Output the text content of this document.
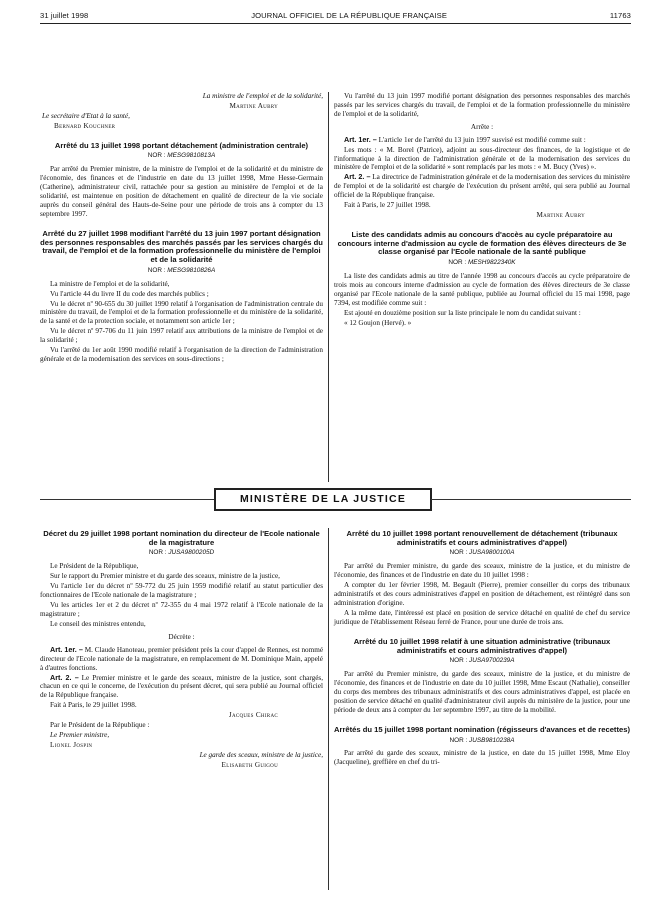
31 juillet 1998	JOURNAL OFFICIEL DE LA RÉPUBLIQUE FRANÇAISE	11763

La ministre de l'emploi et de la solidarité,

Martine Aubry

Le secrétaire d'Etat à la santé,

Bernard Kouchner

Arrêté du 13 juillet 1998 portant détachement (administration centrale)

NOR : MESG9810813A

Par arrêté du Premier ministre, de la ministre de l'emploi et de la solidarité et du ministre de l'économie, des finances et de l'industrie en date du 13 juillet 1998, Mme Hesse-Germain (Catherine), administrateur civil, rattachée pour sa gestion au ministère de l'emploi et de la solidarité, est maintenue en position de détachement en qualité de directeur de la vie sociale auprès du conseil général des Hauts-de-Seine pour une période de trois ans à compter du 13 septembre 1997.

Arrêté du 27 juillet 1998 modifiant l'arrêté du 13 juin 1997 portant désignation des personnes responsables des marchés passés par les services chargés du travail, de l'emploi et de la formation professionnelle du ministère de l'emploi et de la solidarité

NOR : MESG9810826A

La ministre de l'emploi et de la solidarité,

Vu l'article 44 du livre II du code des marchés publics ;

Vu le décret nº 90-655 du 30 juillet 1990 relatif à l'organisation de l'administration centrale du ministère du travail, de l'emploi et de la formation professionnelle et du ministère de la solidarité, de la santé et de la protection sociale, et notamment son article 1er ;

Vu le décret nº 97-706 du 11 juin 1997 relatif aux attributions de la ministre de l'emploi et de la solidarité ;

Vu l'arrêté du 1er août 1990 modifié relatif à l'organisation de la direction de l'administration générale et de la modernisation des services en sous-directions ;

Vu l'arrêté du 13 juin 1997 modifié portant désignation des personnes responsables des marchés passés par les services chargés du travail, de l'emploi et de la formation professionnelle du ministère de l'emploi et de la solidarité,

Arrête :

Art. 1er. – L'article 1er de l'arrêté du 13 juin 1997 susvisé est modifié comme suit :

Les mots : « M. Borel (Patrice), adjoint au sous-directeur des finances, de la logistique et de l'informatique à la direction de l'administration générale et de la modernisation des services du ministère de l'emploi et de la solidarité » sont remplacés par les mots : « M. Bucy (Yves) ».

Art. 2. – La directrice de l'administration générale et de la modernisation des services du ministère de l'emploi et de la solidarité est chargée de l'exécution du présent arrêté, qui sera publié au Journal officiel de la République française.

Fait à Paris, le 27 juillet 1998.

Martine Aubry

Liste des candidats admis au concours d'accès au cycle préparatoire au concours interne d'admission au cycle de formation des élèves directeurs de 3e classe organisé par l'Ecole nationale de la santé publique

NOR : MESH9822340K

La liste des candidats admis au titre de l'année 1998 au concours d'accès au cycle préparatoire de trois mois au concours interne d'admission au cycle de formation des élèves directeurs de 3e classe organisé par l'Ecole nationale de la santé publique, publiée au Journal officiel du 15 mai 1998, page 7394, est modifiée comme suit :

Est ajouté en douzième position sur la liste principale le nom du candidat suivant :

« 12 Goujon (Hervé). »

MINISTÈRE DE LA JUSTICE
Décret du 29 juillet 1998 portant nomination du directeur de l'Ecole nationale de la magistrature

NOR : JUSA9800205D

Le Président de la République,

Sur le rapport du Premier ministre et du garde des sceaux, ministre de la justice,

Vu l'article 1er du décret nº 59-772 du 25 juin 1959 modifié relatif au statut particulier des fonctionnaires de l'Ecole nationale de la magistrature ;

Vu les articles 1er et 2 du décret nº 72-355 du 4 mai 1972 relatif à l'Ecole nationale de la magistrature ;

Le conseil des ministres entendu,

Décrète :

Art. 1er. – M. Claude Hanoteau, premier président près la cour d'appel de Rennes, est nommé directeur de l'Ecole nationale de la magistrature, en remplacement de M. Dominique Main, appelé à d'autres fonctions.

Art. 2. – Le Premier ministre et le garde des sceaux, ministre de la justice, sont chargés, chacun en ce qui le concerne, de l'exécution du présent décret, qui sera publié au Journal officiel de la République française.

Fait à Paris, le 29 juillet 1998.

Jacques Chirac

Par le Président de la République :

Le Premier ministre,

Lionel Jospin

Le garde des sceaux, ministre de la justice,

Elisabeth Guigou

Arrêté du 10 juillet 1998 portant renouvellement de détachement (tribunaux administratifs et cours administratives d'appel)

NOR : JUSA9800100A

Par arrêté du Premier ministre, du garde des sceaux, ministre de la justice, et du ministre de l'économie, des finances et de l'industrie en date du 10 juillet 1998 :

A compter du 1er février 1998, M. Begault (Pierre), premier conseiller du corps des tribunaux administratifs et des cours administratives d'appel en position de détachement, est réintégré dans son administration d'origine.

A la même date, l'intéressé est placé en position de service détaché en qualité de chef du service juridique de l'établissement Réseau ferré de France, pour une durée de trois ans.

Arrêté du 10 juillet 1998 relatif à une situation administrative (tribunaux administratifs et cours administratives d'appel)

NOR : JUSA9700239A

Par arrêté du Premier ministre, du garde des sceaux, ministre de la justice, et du ministre de l'économie, des finances et de l'industrie en date du 10 juillet 1998, Mme Escaut (Nathalie), conseiller du corps des membres des tribunaux administratifs et des cours administratives d'appel, est placée en position de service détaché en qualité d'administrateur civil auprès du ministère de la justice, pour une période de deux ans à compter du 1er septembre 1997, au titre de la mobilité.

Arrêtés du 15 juillet 1998 portant nomination (régisseurs d'avances et de recettes)

NOR : JUSB9810238A

Par arrêté du garde des sceaux, ministre de la justice, en date du 15 juillet 1998, Mme Eloy (Jacqueline), greffière en chef du tri-
